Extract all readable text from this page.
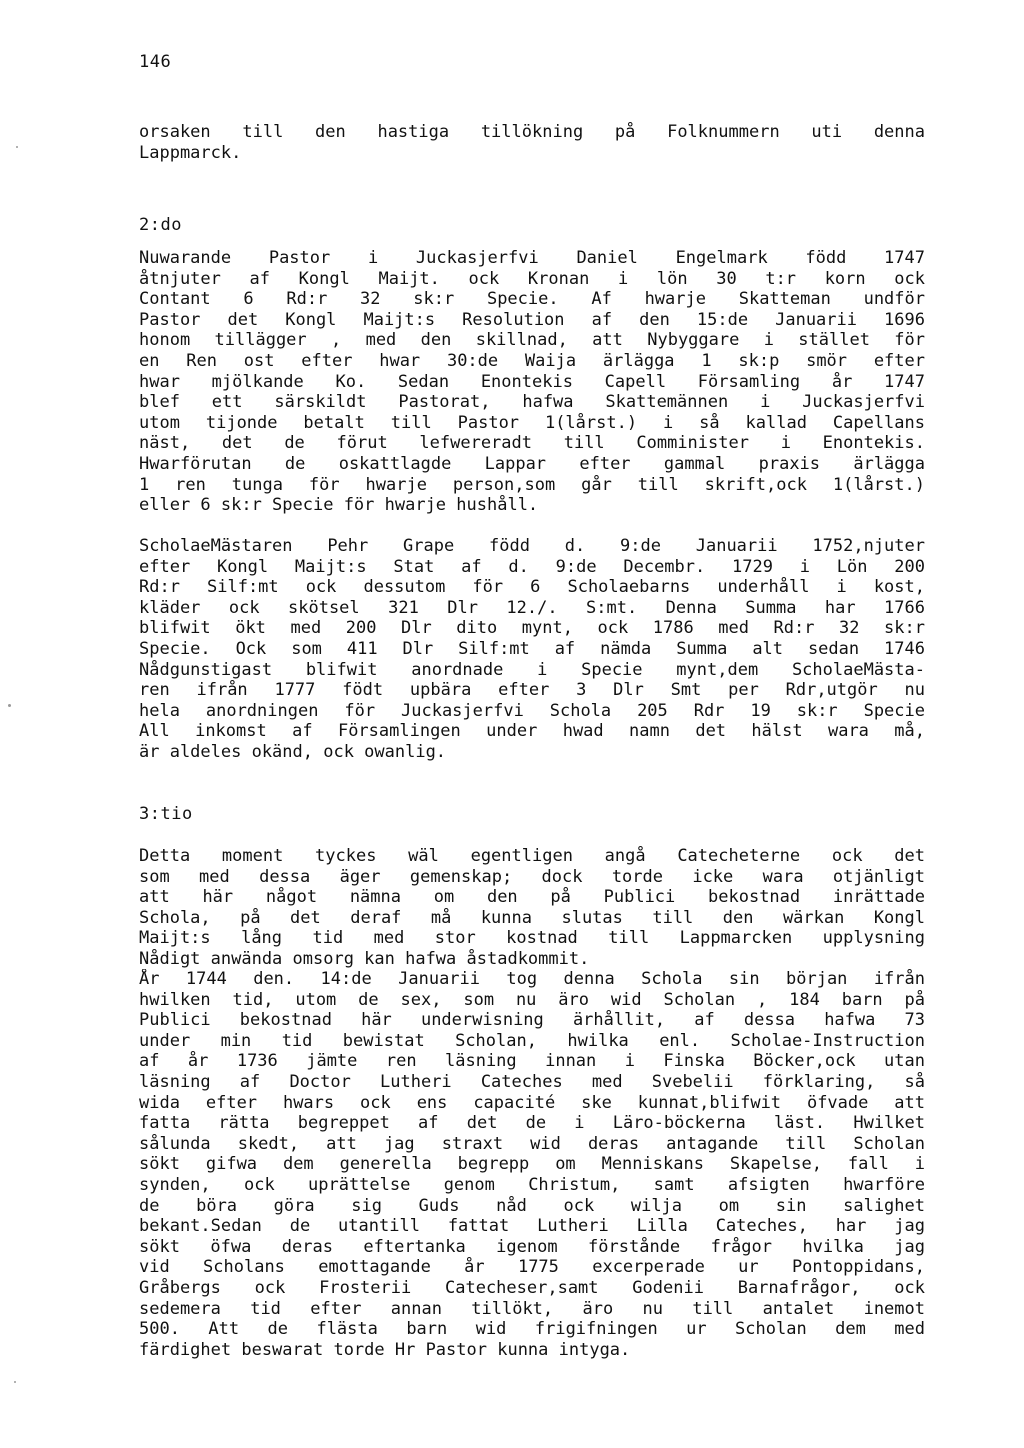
146
orsaken till den hastiga tillökning på Folknummern uti denna
Lappmarck.
2:do
Nuwarande Pastor i Juckasjerfvi Daniel Engelmark född 1747
åtnjuter af Kongl Maijt. ock Kronan i lön 30 t:r korn ock
Contant 6 Rd:r 32 sk:r Specie. Af hwarje Skatteman undför
Pastor det Kongl Maijt:s Resolution af den 15:de Januarii 1696
honom tillägger , med den skillnad, att Nybyggare i stället för
en Ren ost efter hwar 30:de Waija ärlägga 1 sk:p smör efter
hwar mjölkande Ko. Sedan Enontekis Capell Församling år 1747
blef ett särskildt Pastorat, hafwa Skattemännen i Juckasjerfvi
utom tijonde betalt till Pastor 1(lårst.) i så kallad Capellans
näst, det de förut lefwereradt till Comminister i Enontekis.
Hwarförutan de oskattlagde Lappar efter gammal praxis ärlägga
1 ren tunga för hwarje person,som går till skrift,ock 1(lårst.)
eller 6 sk:r Specie för hwarje hushåll.
ScholaeMästaren Pehr Grape född d. 9:de Januarii 1752,njuter
efter Kongl Maijt:s Stat af d. 9:de Decembr. 1729 i Lön 200
Rd:r Silf:mt ock dessutom för 6 Scholaebarns underhåll i kost,
kläder ock skötsel 321 Dlr 12./. S:mt. Denna Summa har 1766
blifwit ökt med 200 Dlr dito mynt, ock 1786 med Rd:r 32 sk:r
Specie. Ock som 411 Dlr Silf:mt af nämda Summa alt sedan 1746
Nådgunstigast blifwit anordnade i Specie mynt,dem ScholaeMästa-
ren ifrån 1777 födt upbära efter 3 Dlr Smt per Rdr,utgör nu
hela anordningen för Juckasjerfvi Schola 205 Rdr 19 sk:r Specie
All inkomst af Församlingen under hwad namn det hälst wara må,
är aldeles okänd, ock owanlig.
3:tio
Detta moment tyckes wäl egentligen angå Catecheterne ock det
som med dessa äger gemenskap; dock torde icke wara otjänligt
att här något nämna om den på Publici bekostnad inrättade
Schola, på det deraf må kunna slutas till den wärkan Kongl
Maijt:s lång tid med stor kostnad till Lappmarcken upplysning
Nådigt anwända omsorg kan hafwa åstadkommit.
År 1744 den. 14:de Januarii tog denna Schola sin början ifrån
hwilken tid, utom de sex, som nu äro wid Scholan , 184 barn på
Publici bekostnad här underwisning ärhållit, af dessa hafwa 73
under min tid bewistat Scholan, hwilka enl. Scholae-Instruction
af år 1736 jämte ren läsning innan i Finska Böcker,ock utan
läsning af Doctor Lutheri Cateches med Svebelii förklaring, så
wida efter hwars ock ens capacité ske kunnat,blifwit öfvade att
fatta rätta begreppet af det de i Läro-böckerna läst. Hwilket
sålunda skedt, att jag straxt wid deras antagande till Scholan
sökt gifwa dem generella begrepp om Menniskans Skapelse, fall i
synden, ock uprättelse genom Christum, samt afsigten hwarföre
de böra göra sig Guds nåd ock wilja om sin salighet
bekant.Sedan de utantill fattat Lutheri Lilla Cateches, har jag
sökt öfwa deras eftertanka igenom förstånde frågor hvilka jag
vid Scholans emottagande år 1775 excerperade ur Pontoppidans,
Gråbergs ock Frosterii Catecheser,samt Godenii Barnafrågor, ock
sedemera tid efter annan tillökt, äro nu till antalet inemot
500. Att de flästa barn wid frigifningen ur Scholan dem med
färdighet beswarat torde Hr Pastor kunna intyga.
